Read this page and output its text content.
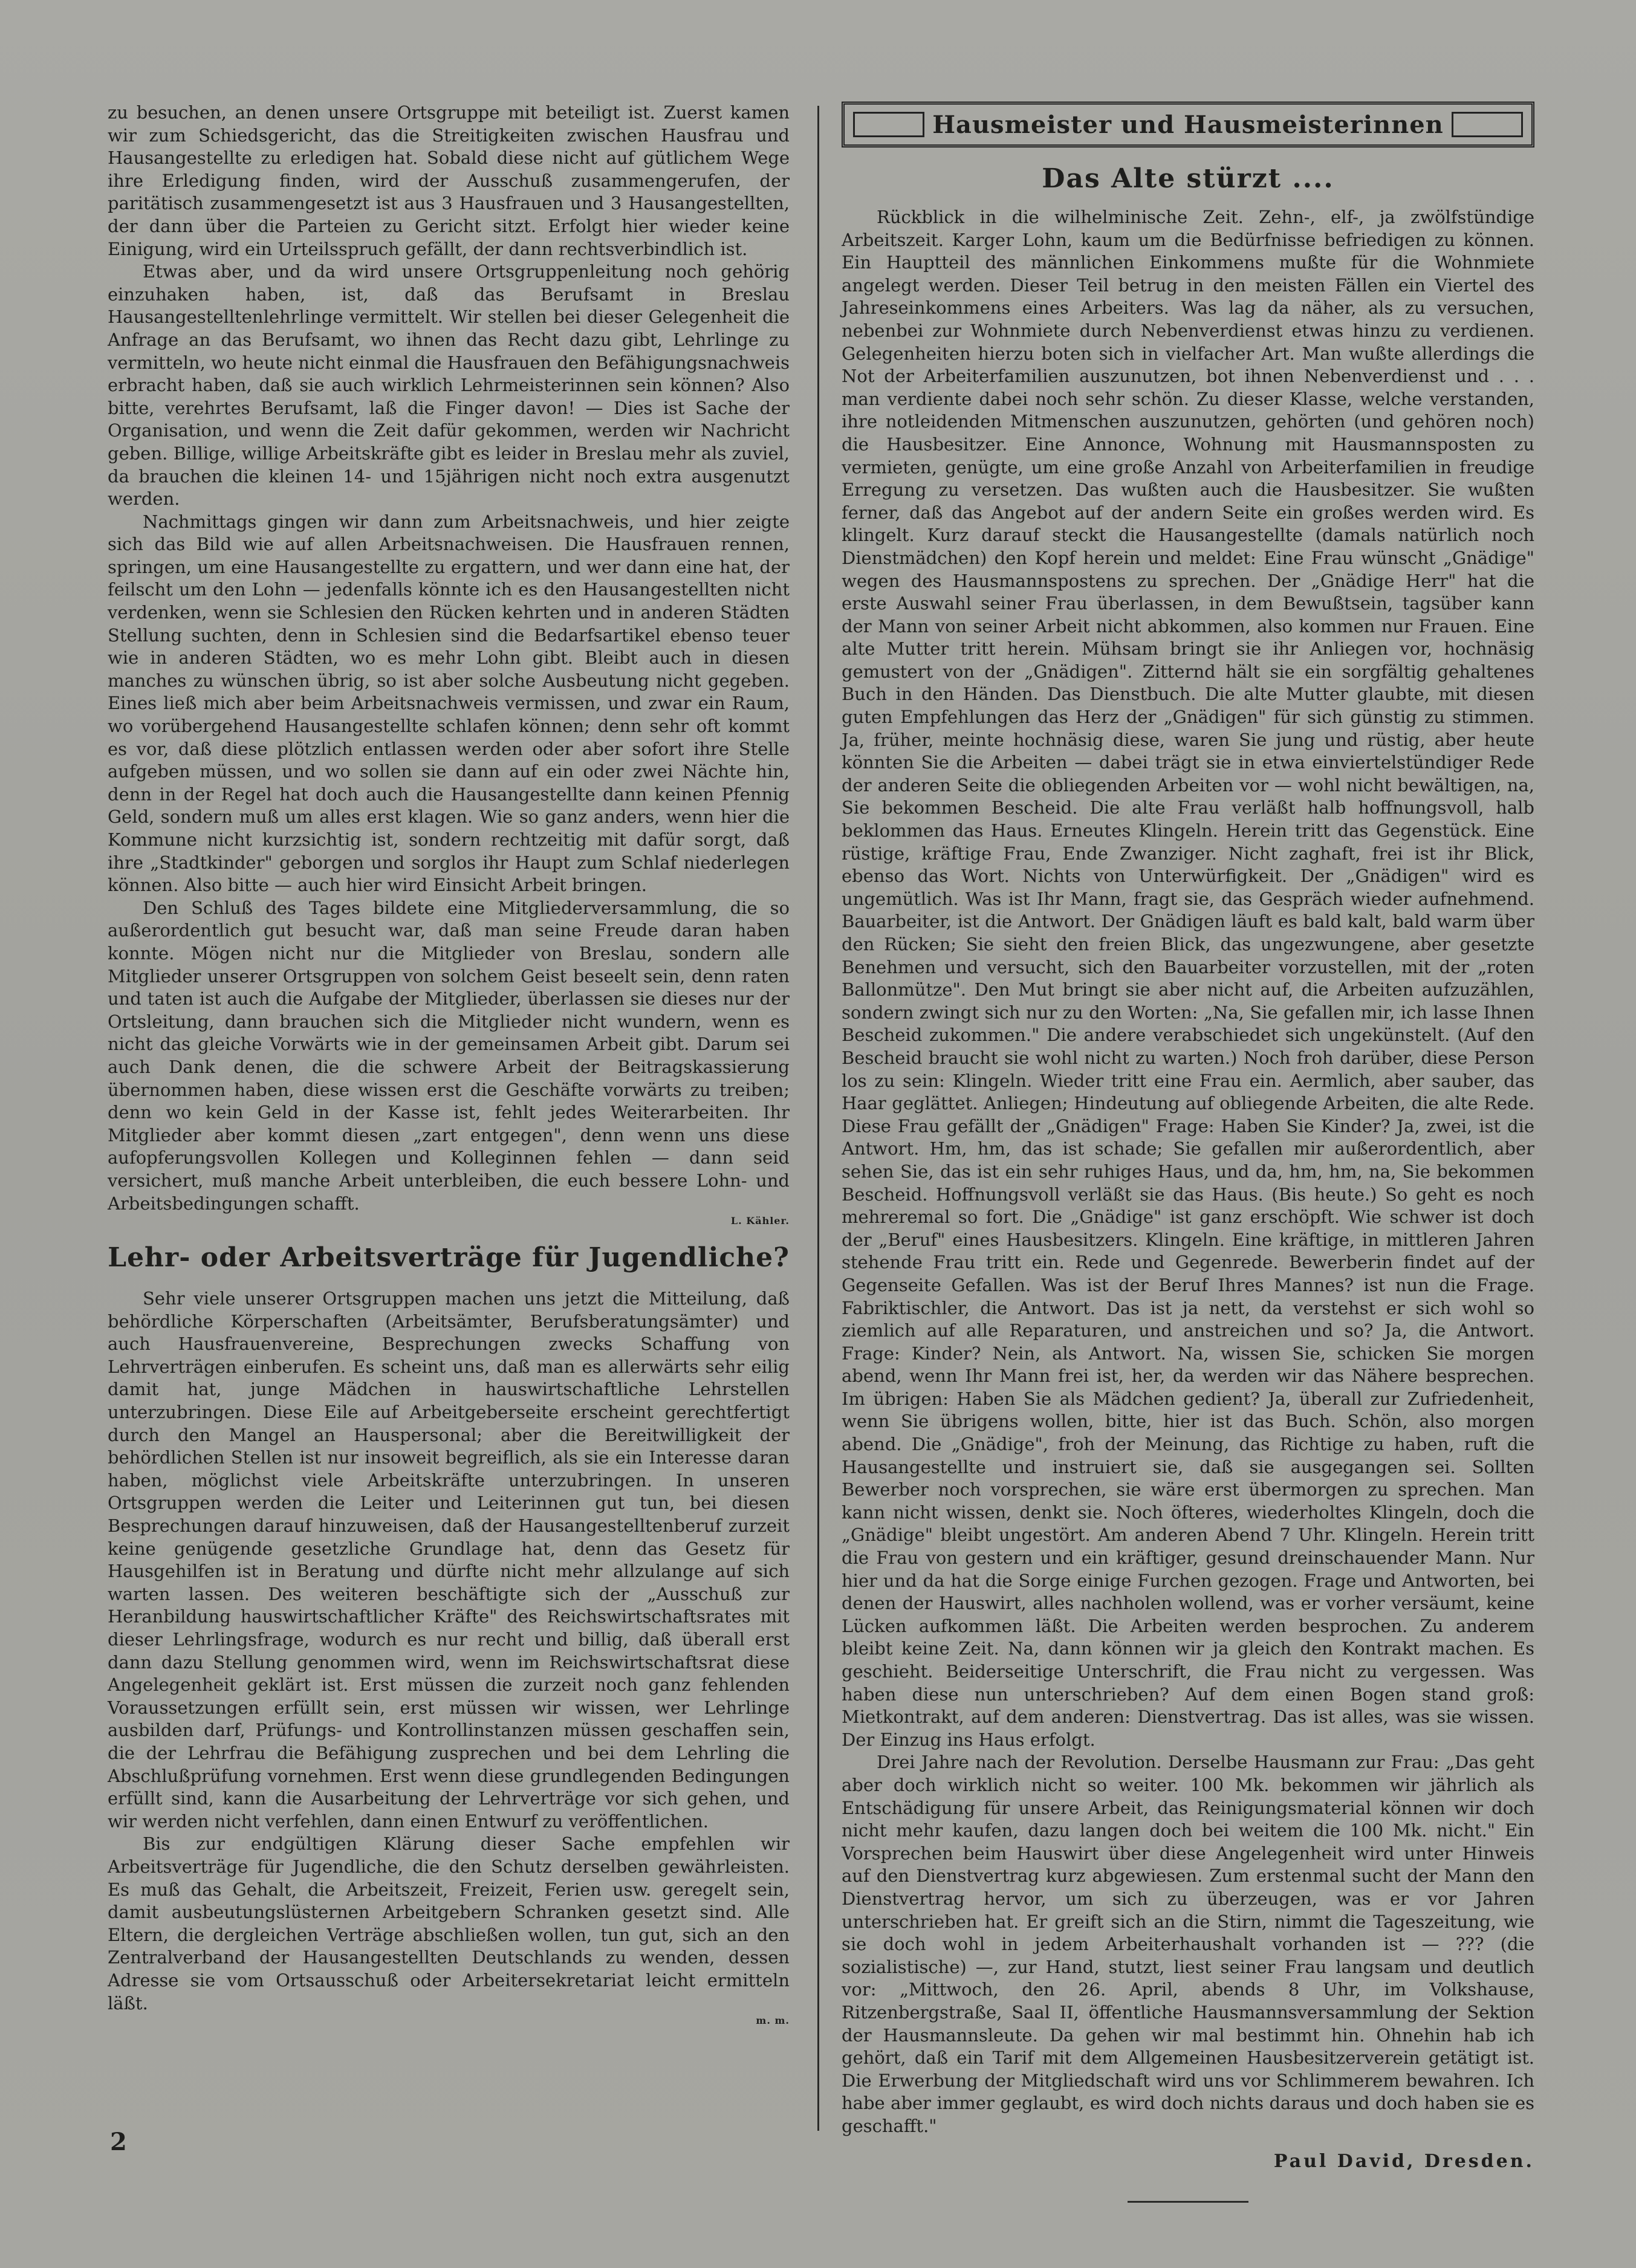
zu besuchen, an denen unsere Ortsgruppe mit beteiligt ist. Zuerst kamen wir zum Schiedsgericht, das die Streitigkeiten zwischen Hausfrau und Hausangestellte zu erledigen hat. Sobald diese nicht auf gütlichem Wege ihre Erledigung finden, wird der Ausschuß zusammengerufen, der paritätisch zusammengesetzt ist aus 3 Hausfrauen und 3 Hausangestellten, der dann über die Parteien zu Gericht sitzt. Erfolgt hier wieder keine Einigung, wird ein Urteilsspruch gefällt, der dann rechtsverbindlich ist.

Etwas aber, und da wird unsere Ortsgruppenleitung noch gehörig einzuhaken haben, ist, daß das Berufsamt in Breslau Hausangestelltenlehrlinge vermittelt. Wir stellen bei dieser Gelegenheit die Anfrage an das Berufsamt, wo ihnen das Recht dazu gibt, Lehrlinge zu vermitteln, wo heute nicht einmal die Hausfrauen den Befähigungsnachweis erbracht haben, daß sie auch wirklich Lehrmeisterinnen sein können? Also bitte, verehrtes Berufsamt, laß die Finger davon! — Dies ist Sache der Organisation, und wenn die Zeit dafür gekommen, werden wir Nachricht geben. Billige, willige Arbeitskräfte gibt es leider in Breslau mehr als zuviel, da brauchen die kleinen 14- und 15jährigen nicht noch extra ausgenutzt werden.

Nachmittags gingen wir dann zum Arbeitsnachweis, und hier zeigte sich das Bild wie auf allen Arbeitsnachweisen. Die Hausfrauen rennen, springen, um eine Hausangestellte zu ergattern, und wer dann eine hat, der feilscht um den Lohn — jedenfalls könnte ich es den Hausangestellten nicht verdenken, wenn sie Schlesien den Rücken kehrten und in anderen Städten Stellung suchten, denn in Schlesien sind die Bedarfsartikel ebenso teuer wie in anderen Städten, wo es mehr Lohn gibt. Bleibt auch in diesen manches zu wünschen übrig, so ist aber solche Ausbeutung nicht gegeben. Eines ließ mich aber beim Arbeitsnachweis vermissen, und zwar ein Raum, wo vorübergehend Hausangestellte schlafen können; denn sehr oft kommt es vor, daß diese plötzlich entlassen werden oder aber sofort ihre Stelle aufgeben müssen, und wo sollen sie dann auf ein oder zwei Nächte hin, denn in der Regel hat doch auch die Hausangestellte dann keinen Pfennig Geld, sondern muß um alles erst klagen. Wie so ganz anders, wenn hier die Kommune nicht kurzsichtig ist, sondern rechtzeitig mit dafür sorgt, daß ihre „Stadtkinder" geborgen und sorglos ihr Haupt zum Schlaf niederlegen können. Also bitte — auch hier wird Einsicht Arbeit bringen.

Den Schluß des Tages bildete eine Mitgliederversammlung, die so außerordentlich gut besucht war, daß man seine Freude daran haben konnte. Mögen nicht nur die Mitglieder von Breslau, sondern alle Mitglieder unserer Ortsgruppen von solchem Geist beseelt sein, denn raten und taten ist auch die Aufgabe der Mitglieder, überlassen sie dieses nur der Ortsleitung, dann brauchen sich die Mitglieder nicht wundern, wenn es nicht das gleiche Vorwärts wie in der gemeinsamen Arbeit gibt. Darum sei auch Dank denen, die die schwere Arbeit der Beitragskassierung übernommen haben, diese wissen erst die Geschäfte vorwärts zu treiben; denn wo kein Geld in der Kasse ist, fehlt jedes Weiterarbeiten. Ihr Mitglieder aber kommt diesen „zart entgegen", denn wenn uns diese aufopferungsvollen Kollegen und Kolleginnen fehlen — dann seid versichert, muß manche Arbeit unterbleiben, die euch bessere Lohn- und Arbeitsbedingungen schafft.

L. Kähler.
Lehr- oder Arbeitsverträge für Jugendliche?

Sehr viele unserer Ortsgruppen machen uns jetzt die Mitteilung, daß behördliche Körperschaften (Arbeitsämter, Berufsberatungsämter) und auch Hausfrauenvereine, Besprechungen zwecks Schaffung von Lehrverträgen einberufen. Es scheint uns, daß man es allerwärts sehr eilig damit hat, junge Mädchen in hauswirtschaftliche Lehrstellen unterzubringen. Diese Eile auf Arbeitgeberseite erscheint gerechtfertigt durch den Mangel an Hauspersonal; aber die Bereitwilligkeit der behördlichen Stellen ist nur insoweit begreiflich, als sie ein Interesse daran haben, möglichst viele Arbeitskräfte unterzubringen. In unseren Ortsgruppen werden die Leiter und Leiterinnen gut tun, bei diesen Besprechungen darauf hinzuweisen, daß der Hausangestelltenberuf zurzeit keine genügende gesetzliche Grundlage hat, denn das Gesetz für Hausgehilfen ist in Beratung und dürfte nicht mehr allzulange auf sich warten lassen. Des weiteren beschäftigte sich der „Ausschuß zur Heranbildung hauswirtschaftlicher Kräfte" des Reichswirtschaftsrates mit dieser Lehrlingsfrage, wodurch es nur recht und billig, daß überall erst dann dazu Stellung genommen wird, wenn im Reichswirtschaftsrat diese Angelegenheit geklärt ist. Erst müssen die zurzeit noch ganz fehlenden Voraussetzungen erfüllt sein, erst müssen wir wissen, wer Lehrlinge ausbilden darf, Prüfungs- und Kontrollinstanzen müssen geschaffen sein, die der Lehrfrau die Befähigung zusprechen und bei dem Lehrling die Abschlußprüfung vornehmen. Erst wenn diese grundlegenden Bedingungen erfüllt sind, kann die Ausarbeitung der Lehrverträge vor sich gehen, und wir werden nicht verfehlen, dann einen Entwurf zu veröffentlichen.

Bis zur endgültigen Klärung dieser Sache empfehlen wir Arbeitsverträge für Jugendliche, die den Schutz derselben gewährleisten. Es muß das Gehalt, die Arbeitszeit, Freizeit, Ferien usw. geregelt sein, damit ausbeutungslüsternen Arbeitgebern Schranken gesetzt sind. Alle Eltern, die dergleichen Verträge abschließen wollen, tun gut, sich an den Zentralverband der Hausangestellten Deutschlands zu wenden, dessen Adresse sie vom Ortsausschuß oder Arbeitersekretariat leicht ermitteln läßt.

m. m.
Hausmeister und Hausmeisterinnen
Das Alte stürzt ....

Rückblick in die wilhelminische Zeit. Zehn-, elf-, ja zwölfstündige Arbeitszeit. Karger Lohn, kaum um die Bedürfnisse befriedigen zu können. Ein Hauptteil des männlichen Einkommens mußte für die Wohnmiete angelegt werden. Dieser Teil betrug in den meisten Fällen ein Viertel des Jahreseinkommens eines Arbeiters. Was lag da näher, als zu versuchen, nebenbei zur Wohnmiete durch Nebenverdienst etwas hinzu zu verdienen. Gelegenheiten hierzu boten sich in vielfacher Art. Man wußte allerdings die Not der Arbeiterfamilien auszunutzen, bot ihnen Nebenverdienst und . . . man verdiente dabei noch sehr schön. Zu dieser Klasse, welche verstanden, ihre notleidenden Mitmenschen auszunutzen, gehörten (und gehören noch) die Hausbesitzer. Eine Annonce, Wohnung mit Hausmannsposten zu vermieten, genügte, um eine große Anzahl von Arbeiterfamilien in freudige Erregung zu versetzen. Das wußten auch die Hausbesitzer. Sie wußten ferner, daß das Angebot auf der andern Seite ein großes werden wird. Es klingelt. Kurz darauf steckt die Hausangestellte (damals natürlich noch Dienstmädchen) den Kopf herein und meldet: Eine Frau wünscht „Gnädige" wegen des Hausmannspostens zu sprechen. Der „Gnädige Herr" hat die erste Auswahl seiner Frau überlassen, in dem Bewußtsein, tagsüber kann der Mann von seiner Arbeit nicht abkommen, also kommen nur Frauen. Eine alte Mutter tritt herein. Mühsam bringt sie ihr Anliegen vor, hochnäsig gemustert von der „Gnädigen". Zitternd hält sie ein sorgfältig gehaltenes Buch in den Händen. Das Dienstbuch. Die alte Mutter glaubte, mit diesen guten Empfehlungen das Herz der „Gnädigen" für sich günstig zu stimmen. Ja, früher, meinte hochnäsig diese, waren Sie jung und rüstig, aber heute könnten Sie die Arbeiten — dabei trägt sie in etwa einviertelstündiger Rede der anderen Seite die obliegenden Arbeiten vor — wohl nicht bewältigen, na, Sie bekommen Bescheid. Die alte Frau verläßt halb hoffnungsvoll, halb beklommen das Haus. Erneutes Klingeln. Herein tritt das Gegenstück. Eine rüstige, kräftige Frau, Ende Zwanziger. Nicht zaghaft, frei ist ihr Blick, ebenso das Wort. Nichts von Unterwürfigkeit. Der „Gnädigen" wird es ungemütlich. Was ist Ihr Mann, fragt sie, das Gespräch wieder aufnehmend. Bauarbeiter, ist die Antwort. Der Gnädigen läuft es bald kalt, bald warm über den Rücken; Sie sieht den freien Blick, das ungezwungene, aber gesetzte Benehmen und versucht, sich den Bauarbeiter vorzustellen, mit der „roten Ballonmütze". Den Mut bringt sie aber nicht auf, die Arbeiten aufzuzählen, sondern zwingt sich nur zu den Worten: „Na, Sie gefallen mir, ich lasse Ihnen Bescheid zukommen." Die andere verabschiedet sich ungekünstelt. (Auf den Bescheid braucht sie wohl nicht zu warten.) Noch froh darüber, diese Person los zu sein: Klingeln. Wieder tritt eine Frau ein. Aermlich, aber sauber, das Haar geglättet. Anliegen; Hindeutung auf obliegende Arbeiten, die alte Rede. Diese Frau gefällt der „Gnädigen" Frage: Haben Sie Kinder? Ja, zwei, ist die Antwort. Hm, hm, das ist schade; Sie gefallen mir außerordentlich, aber sehen Sie, das ist ein sehr ruhiges Haus, und da, hm, hm, na, Sie bekommen Bescheid. Hoffnungsvoll verläßt sie das Haus. (Bis heute.) So geht es noch mehreremal so fort. Die „Gnädige" ist ganz erschöpft. Wie schwer ist doch der „Beruf" eines Hausbesitzers. Klingeln. Eine kräftige, in mittleren Jahren stehende Frau tritt ein. Rede und Gegenrede. Bewerberin findet auf der Gegenseite Gefallen. Was ist der Beruf Ihres Mannes? ist nun die Frage. Fabriktischler, die Antwort. Das ist ja nett, da verstehst er sich wohl so ziemlich auf alle Reparaturen, und anstreichen und so? Ja, die Antwort. Frage: Kinder? Nein, als Antwort. Na, wissen Sie, schicken Sie morgen abend, wenn Ihr Mann frei ist, her, da werden wir das Nähere besprechen. Im übrigen: Haben Sie als Mädchen gedient? Ja, überall zur Zufriedenheit, wenn Sie übrigens wollen, bitte, hier ist das Buch. Schön, also morgen abend. Die „Gnädige", froh der Meinung, das Richtige zu haben, ruft die Hausangestellte und instruiert sie, daß sie ausgegangen sei. Sollten Bewerber noch vorsprechen, sie wäre erst übermorgen zu sprechen. Man kann nicht wissen, denkt sie. Noch öfteres, wiederholtes Klingeln, doch die „Gnädige" bleibt ungestört. Am anderen Abend 7 Uhr. Klingeln. Herein tritt die Frau von gestern und ein kräftiger, gesund dreinschauender Mann. Nur hier und da hat die Sorge einige Furchen gezogen. Frage und Antworten, bei denen der Hauswirt, alles nachholen wollend, was er vorher versäumt, keine Lücken aufkommen läßt. Die Arbeiten werden besprochen. Zu anderem bleibt keine Zeit. Na, dann können wir ja gleich den Kontrakt machen. Es geschieht. Beiderseitige Unterschrift, die Frau nicht zu vergessen. Was haben diese nun unterschrieben? Auf dem einen Bogen stand groß: Mietkontrakt, auf dem anderen: Dienstvertrag. Das ist alles, was sie wissen. Der Einzug ins Haus erfolgt.

Drei Jahre nach der Revolution. Derselbe Hausmann zur Frau: „Das geht aber doch wirklich nicht so weiter. 100 Mk. bekommen wir jährlich als Entschädigung für unsere Arbeit, das Reinigungsmaterial können wir doch nicht mehr kaufen, dazu langen doch bei weitem die 100 Mk. nicht." Ein Vorsprechen beim Hauswirt über diese Angelegenheit wird unter Hinweis auf den Dienstvertrag kurz abgewiesen. Zum erstenmal sucht der Mann den Dienstvertrag hervor, um sich zu überzeugen, was er vor Jahren unterschrieben hat. Er greift sich an die Stirn, nimmt die Tageszeitung, wie sie doch wohl in jedem Arbeiterhaushalt vorhanden ist — ??? (die sozialistische) —, zur Hand, stutzt, liest seiner Frau langsam und deutlich vor: „Mittwoch, den 26. April, abends 8 Uhr, im Volkshause, Ritzenbergstraße, Saal II, öffentliche Hausmannsversammlung der Sektion der Hausmannsleute. Da gehen wir mal bestimmt hin. Ohnehin hab ich gehört, daß ein Tarif mit dem Allgemeinen Hausbesitzerverein getätigt ist. Die Erwerbung der Mitgliedschaft wird uns vor Schlimmerem bewahren. Ich habe aber immer geglaubt, es wird doch nichts daraus und doch haben sie es geschafft."

Paul David, Dresden.
2
